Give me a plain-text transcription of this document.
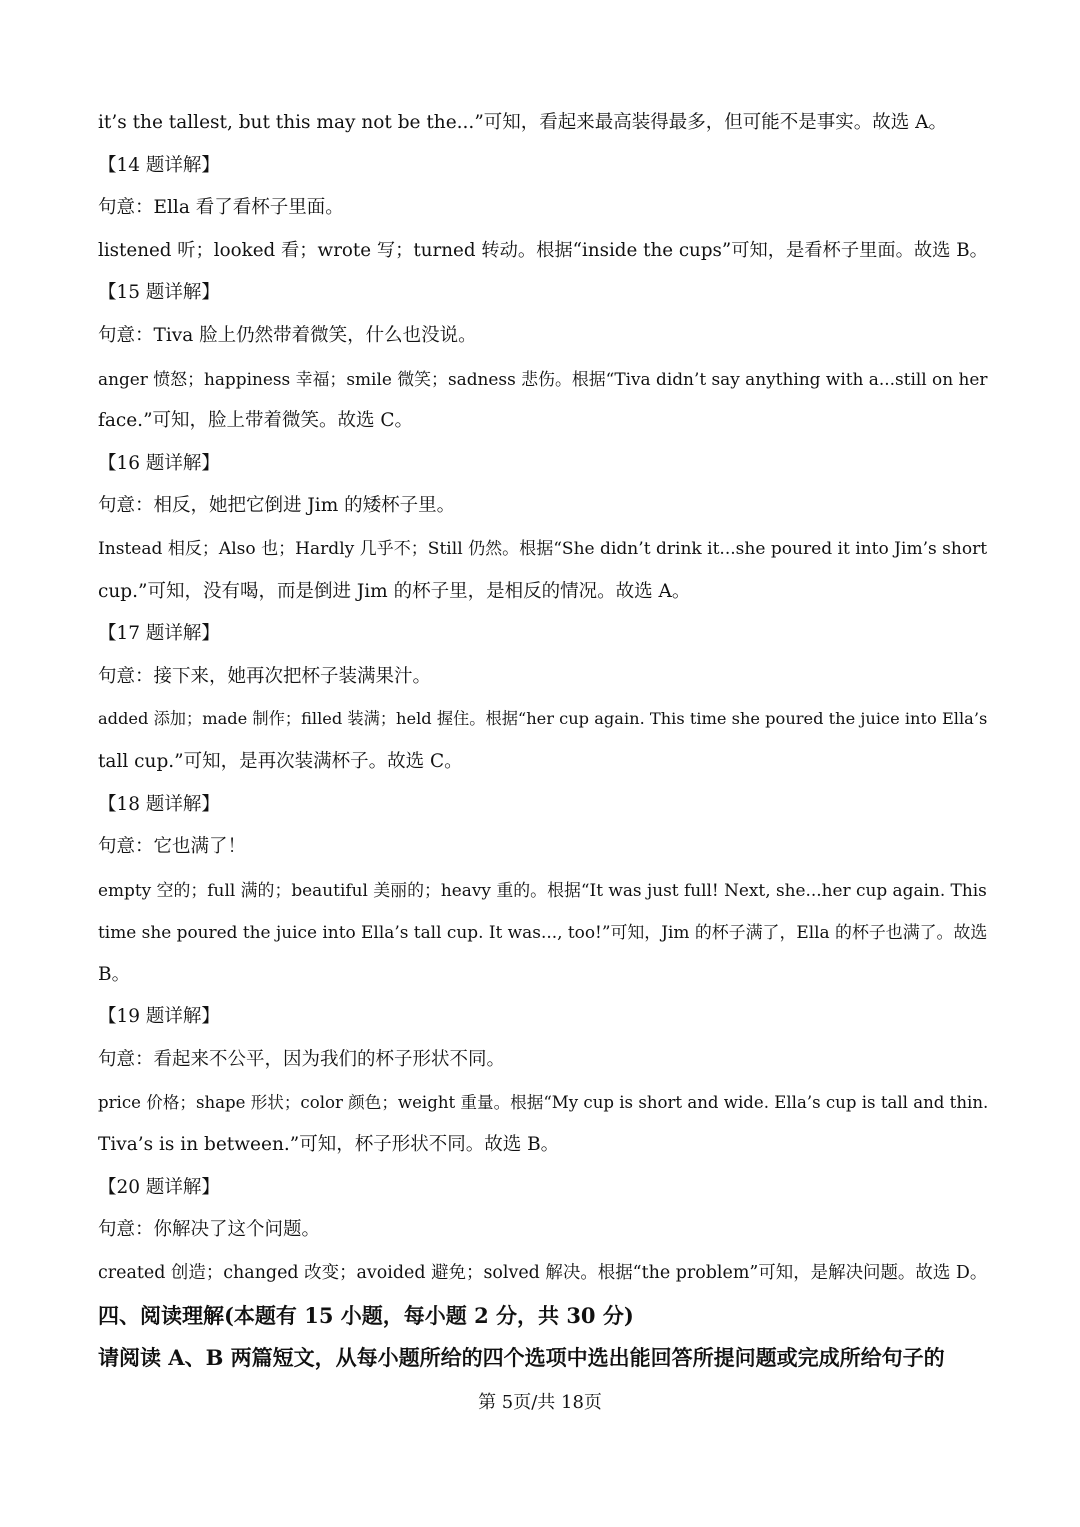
it’s the tallest, but this may not be the...”可知，看起来最高装得最多，但可能不是事实。故选 A。
【14 题详解】
句意：Ella 看了看杯子里面。
listened 听；looked 看；wrote 写；turned 转动。根据“inside the cups”可知，是看杯子里面。故选 B。
【15 题详解】
句意：Tiva 脸上仍然带着微笑，什么也没说。
anger 愤怒；happiness 幸福；smile 微笑；sadness 悲伤。根据“Tiva didn’t say anything with a...still on her
face.”可知，脸上带着微笑。故选 C。
【16 题详解】
句意：相反，她把它倒进 Jim 的矮杯子里。
Instead 相反；Also 也；Hardly 几乎不；Still 仍然。根据“She didn’t drink it...she poured it into Jim’s short
cup.”可知，没有喝，而是倒进 Jim 的杯子里，是相反的情况。故选 A。
【17 题详解】
句意：接下来，她再次把杯子装满果汁。
added 添加；made 制作；filled 装满；held 握住。根据“her cup again. This time she poured the juice into Ella’s
tall cup.”可知，是再次装满杯子。故选 C。
【18 题详解】
句意：它也满了！
empty 空的；full 满的；beautiful 美丽的；heavy 重的。根据“It was just full! Next, she...her cup again. This
time she poured the juice into Ella’s tall cup. It was..., too!”可知，Jim 的杯子满了，Ella 的杯子也满了。故选
B。
【19 题详解】
句意：看起来不公平，因为我们的杯子形状不同。
price 价格；shape 形状；color 颜色；weight 重量。根据“My cup is short and wide. Ella’s cup is tall and thin.
Tiva’s is in between.”可知，杯子形状不同。故选 B。
【20 题详解】
句意：你解决了这个问题。
created 创造；changed 改变；avoided 避免；solved 解决。根据“the problem”可知，是解决问题。故选 D。
四、阅读理解(本题有 15 小题，每小题 2 分，共 30 分)
请阅读 A、B 两篇短文，从每小题所给的四个选项中选出能回答所提问题或完成所给句子的
第 5页/共 18页
